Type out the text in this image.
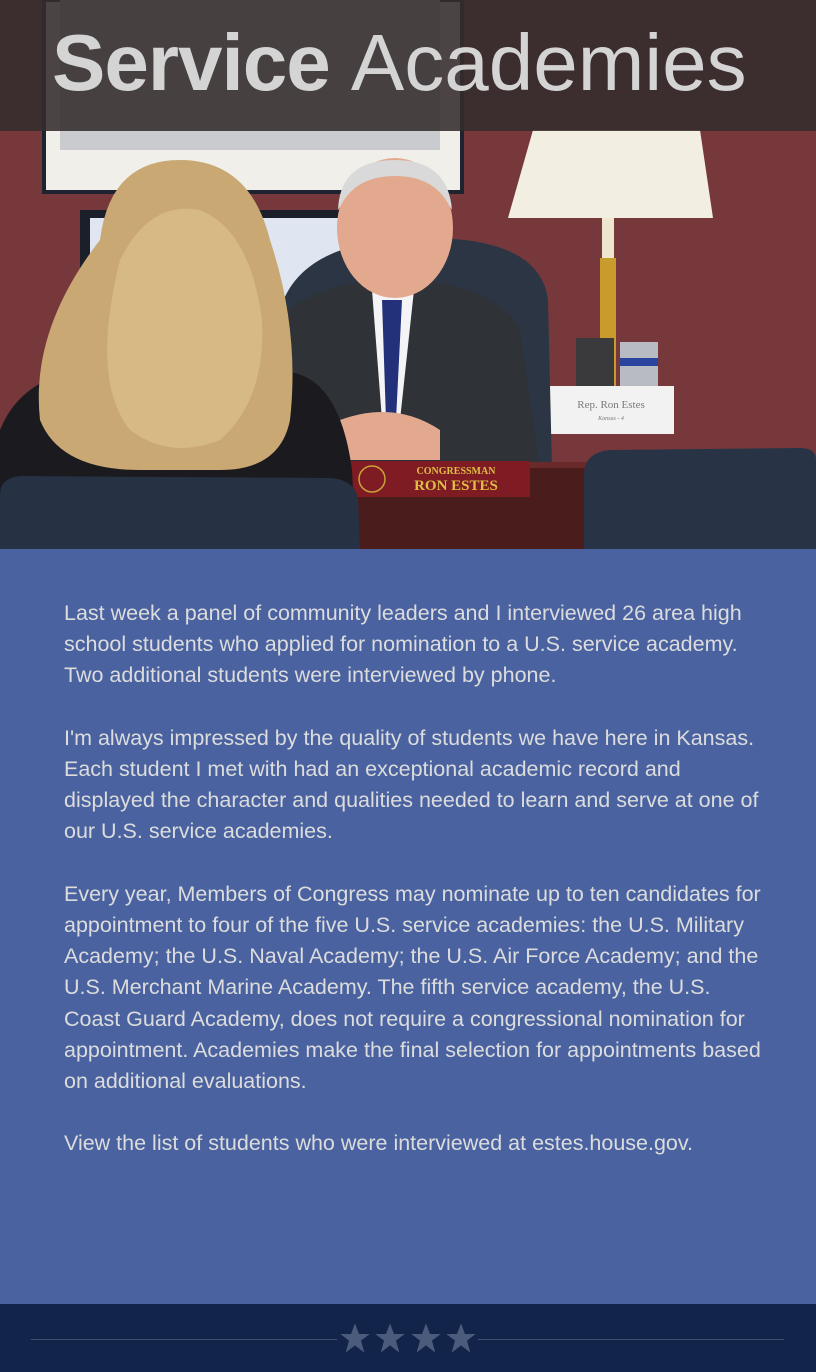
Rep. Ron Estes
Kansas - 4
CONGRESSMAN
RON ESTES
Service Academies

Last week a panel of community leaders and I interviewed 26 area high school students who applied for nomination to a U.S. service academy. Two additional students were interviewed by phone.

I'm always impressed by the quality of students we have here in Kansas. Each student I met with had an exceptional academic record and displayed the character and qualities needed to learn and serve at one of our U.S. service academies.

Every year, Members of Congress may nominate up to ten candidates for appointment to four of the five U.S. service academies: the U.S. Military Academy; the U.S. Naval Academy; the U.S. Air Force Academy; and the U.S. Merchant Marine Academy. The fifth service academy, the U.S. Coast Guard Academy, does not require a congressional nomination for appointment. Academies make the final selection for appointments based on additional evaluations.

View the list of students who were interviewed at estes.house.gov.
